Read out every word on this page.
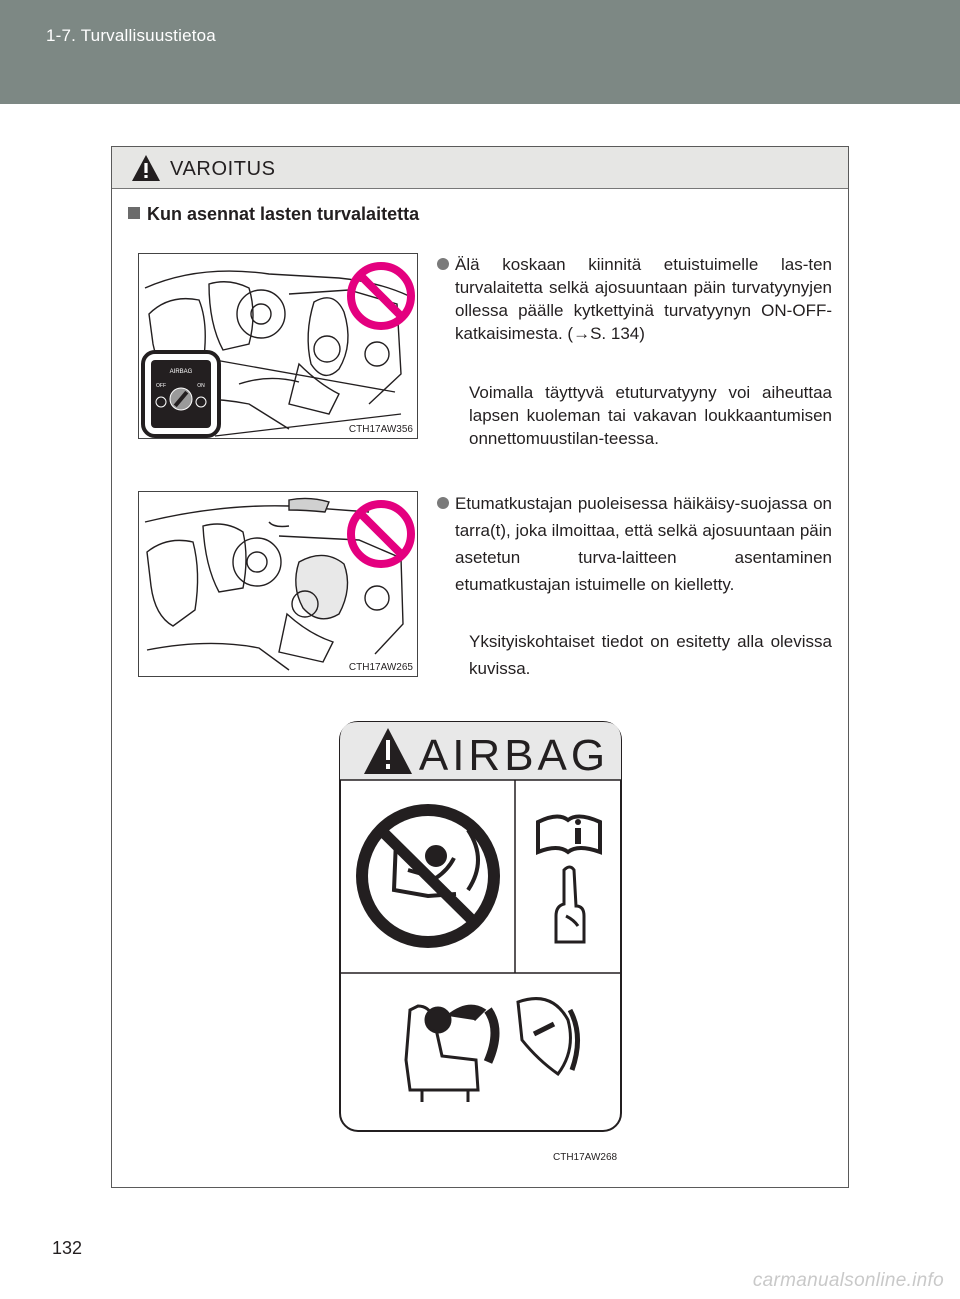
1-7. Turvallisuustietoa
VAROITUS
Kun asennat lasten turvalaitetta
AIRBAG
OFF	ON
CTH17AW356

Älä koskaan kiinnitä etuistuimelle las-ten turvalaitetta selkä ajosuuntaan päin turvatyynyjen ollessa päälle kytkettyinä turvatyynyn ON-OFF-katkaisimesta. (→S. 134)

Voimalla täyttyvä etuturvatyyny voi aiheuttaa lapsen kuoleman tai vakavan loukkaantumisen onnettomuustilan-teessa.
CTH17AW265

Etumatkustajan puoleisessa häikäisy-suojassa on tarra(t), joka ilmoittaa, että selkä ajosuuntaan päin asetetun turva-laitteen asentaminen etumatkustajan istuimelle on kielletty.

Yksityiskohtaiset tiedot on esitetty alla olevissa kuvissa.
AIRBAG
CTH17AW268
132
carmanualsonline.info
